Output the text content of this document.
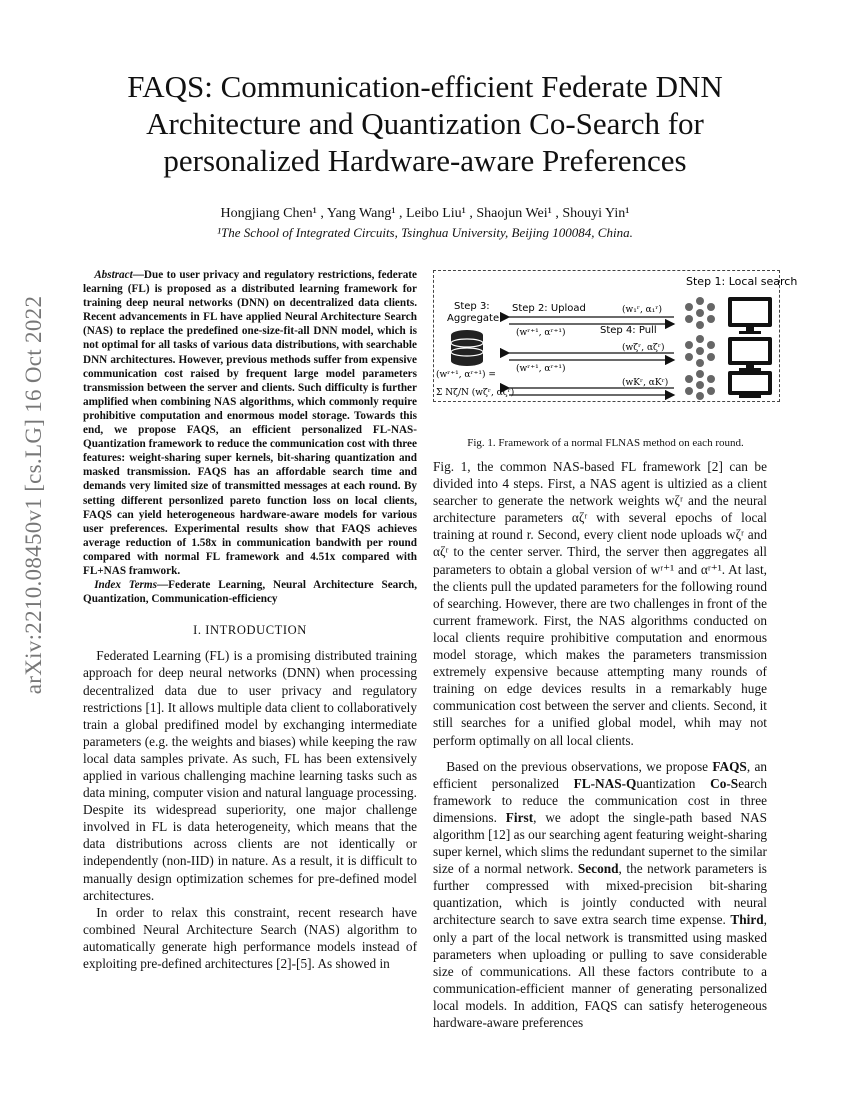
arXiv:2210.08450v1 [cs.LG] 16 Oct 2022
FAQS: Communication-efficient Federate DNN Architecture and Quantization Co-Search for personalized Hardware-aware Preferences
Hongjiang Chen¹ , Yang Wang¹ , Leibo Liu¹ , Shaojun Wei¹ , Shouyi Yin¹
¹The School of Integrated Circuits, Tsinghua University, Beijing 100084, China.

Abstract—Due to user privacy and regulatory restrictions, federate learning (FL) is proposed as a distributed learning framework for training deep neural networks (DNN) on decentralized data clients. Recent advancements in FL have applied Neural Architecture Search (NAS) to replace the predefined one-size-fit-all DNN model, which is not optimal for all tasks of various data distributions, with searchable DNN architectures. However, previous methods suffer from expensive communication cost raised by frequent large model parameters transmission between the server and clients. Such difficulty is further amplified when combining NAS algorithms, which commonly require prohibitive computation and enormous model storage. Towards this end, we propose FAQS, an efficient personalized FL-NAS-Quantization framework to reduce the communication cost with three features: weight-sharing super kernels, bit-sharing quantization and masked transmission. FAQS has an affordable search time and demands very limited size of transmitted messages at each round. By setting different personlized pareto function loss on local clients, FAQS can yield heterogeneous hardware-aware models for various user preferences. Experimental results show that FAQS achieves average reduction of 1.58x in communication bandwith per round compared with normal FL framework and 4.51x compared with FL+NAS framwork.

Index Terms—Federate Learning, Neural Architecture Search, Quantization, Communication-efficiency

I. INTRODUCTION

Federated Learning (FL) is a promising distributed training approach for deep neural networks (DNN) when processing decentralized data due to user privacy and regulatory restrictions [1]. It allows multiple data client to collaboratively train a global predifined model by exchanging intermediate parameters (e.g. the weights and biases) while keeping the raw local data samples private. As such, FL has been extensively applied in various challenging machine learning tasks such as data mining, computer vision and natural language processing. Despite its widespread superiority, one major challenge involved in FL is data heterogeneity, which means that the data distributions across clients are not identically or independently (non-IID) in nature. As a result, it is difficult to manually design optimization schemes for pre-defined model architectures.

In order to relax this constraint, recent research have combined Neural Architecture Search (NAS) algorithm to automatically generate high performance models instead of exploiting pre-defined architectures [2]-[5]. As showed in

Step 1: Local search
Step 3:
Aggregate
Step 2: Upload
Step 4: Pull
(wʳ⁺¹, αʳ⁺¹) =
Σ Nζ/N (wζʳ, αζʳ)
(w₁ʳ, α₁ʳ)
(wʳ⁺¹, αʳ⁺¹)
(wζʳ, αζʳ)
(wʳ⁺¹, αʳ⁺¹)
(wKʳ, αKʳ)
Fig. 1. Framework of a normal FLNAS method on each round.

Fig. 1, the common NAS-based FL framework [2] can be divided into 4 steps. First, a NAS agent is ultizied as a client searcher to generate the network weights wζʳ and the neural architecture parameters αζʳ with several epochs of local training at round r. Second, every client node uploads wζʳ and αζʳ to the center server. Third, the server then aggregates all parameters to obtain a global version of wʳ⁺¹ and αʳ⁺¹. At last, the clients pull the updated parameters for the following round of searching. However, there are two challenges in front of the current framework. First, the NAS algorithms conducted on local clients require prohibitive computation and enormous model storage, which makes the parameters transmission extremely expensive because attempting many rounds of training on edge devices results in a remarkably huge communication cost between the server and clients. Second, it still searches for a unified global model, whih may not perform optimally on all local clients.

Based on the previous observations, we propose FAQS, an efficient personalized FL-NAS-Quantization Co-Search framework to reduce the communication cost in three dimensions. First, we adopt the single-path based NAS algorithm [12] as our searching agent featuring weight-sharing super kernel, which slims the redundant supernet to the similar size of a normal network. Second, the network parameters is further compressed with mixed-precision bit-sharing quantization, which is jointly conducted with neural architecture search to save extra search time expense. Third, only a part of the local network is transmitted using masked parameters when uploading or pulling to save considerable size of communications. All these factors contribute to a communication-efficient manner of generating personalized local models. In addition, FAQS can satisfy heterogeneous hardware-aware preferences
